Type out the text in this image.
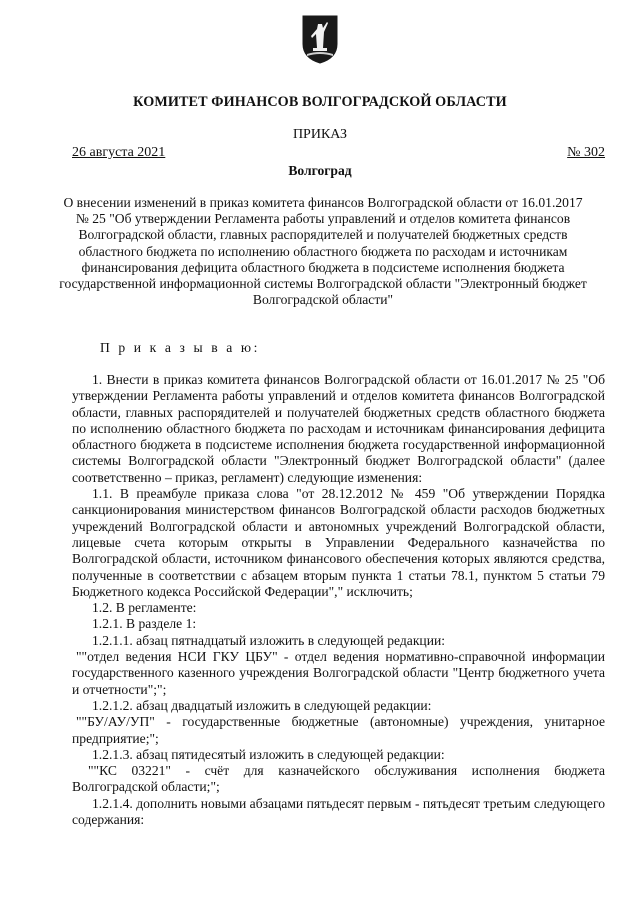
КОМИТЕТ ФИНАНСОВ ВОЛГОГРАДСКОЙ ОБЛАСТИ
ПРИКАЗ
26 августа 2021	№ 302
Волгоград
О внесении изменений в приказ комитета финансов Волгоградской области от 16.01.2017 № 25 "Об утверждении Регламента работы управлений и отделов комитета финансов Волгоградской области, главных распорядителей и получателей бюджетных средств областного бюджета по исполнению областного бюджета по расходам и источникам финансирования дефицита областного бюджета в подсистеме исполнения бюджета государственной информационной системы Волгоградской области "Электронный бюджет Волгоградской области"
П р и к а з ы в а ю:

1. Внести в приказ комитета финансов Волгоградской области от 16.01.2017 № 25 "Об утверждении Регламента работы управлений и отделов комитета финансов Волгоградской области, главных распорядителей и получателей бюджетных средств областного бюджета по исполнению областного бюджета по расходам и источникам финансирования дефицита областного бюджета в подсистеме исполнения бюджета государственной информационной системы Волгоградской области "Электронный бюджет Волгоградской области" (далее соответственно – приказ, регламент) следующие изменения:

1.1. В преамбуле приказа слова "от 28.12.2012 № 459 "Об утверждении Порядка санкционирования министерством финансов Волгоградской области расходов бюджетных учреждений Волгоградской области и автономных учреждений Волгоградской области, лицевые счета которым открыты в Управлении Федерального казначейства по Волгоградской области, источником финансового обеспечения которых являются средства, полученные в соответствии с абзацем вторым пункта 1 статьи 78.1, пунктом 5 статьи 79 Бюджетного кодекса Российской Федерации"," исключить;

1.2. В регламенте:

1.2.1. В разделе 1:

1.2.1.1. абзац пятнадцатый изложить в следующей редакции:

""отдел ведения НСИ ГКУ ЦБУ" - отдел ведения нормативно-справочной информации государственного казенного учреждения Волгоградской области "Центр бюджетного учета и отчетности";";

1.2.1.2. абзац двадцатый изложить в следующей редакции:

""БУ/АУ/УП" - государственные бюджетные (автономные) учреждения, унитарное предприятие;";

1.2.1.3. абзац пятидесятый изложить в следующей редакции:

""КС 03221" - счёт для казначейского обслуживания исполнения бюджета Волгоградской области;";

1.2.1.4. дополнить новыми абзацами пятьдесят первым - пятьдесят третьим следующего содержания:
